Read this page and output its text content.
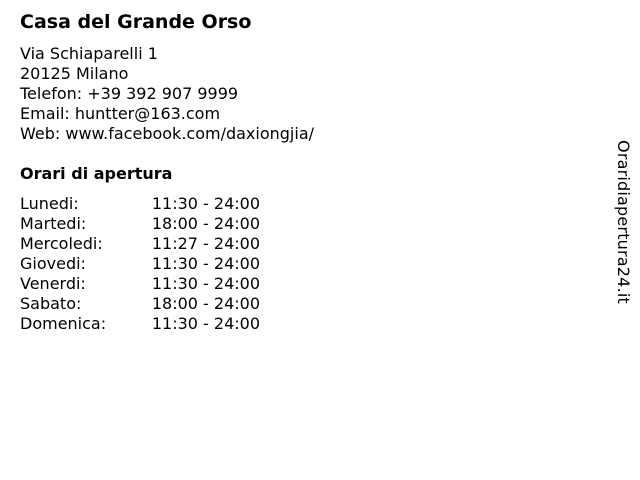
Casa del Grande Orso
Via Schiaparelli 1
20125 Milano
Telefon: +39 392 907 9999
Email: huntter@163.com
Web: www.facebook.com/daxiongjia/
Orari di apertura
Lunedi:	11:30 - 24:00
Martedi:	18:00 - 24:00
Mercoledi:	11:27 - 24:00
Giovedi:	11:30 - 24:00
Venerdi:	11:30 - 24:00
Sabato:	18:00 - 24:00
Domenica:	11:30 - 24:00
Oraridiapertura24.it
